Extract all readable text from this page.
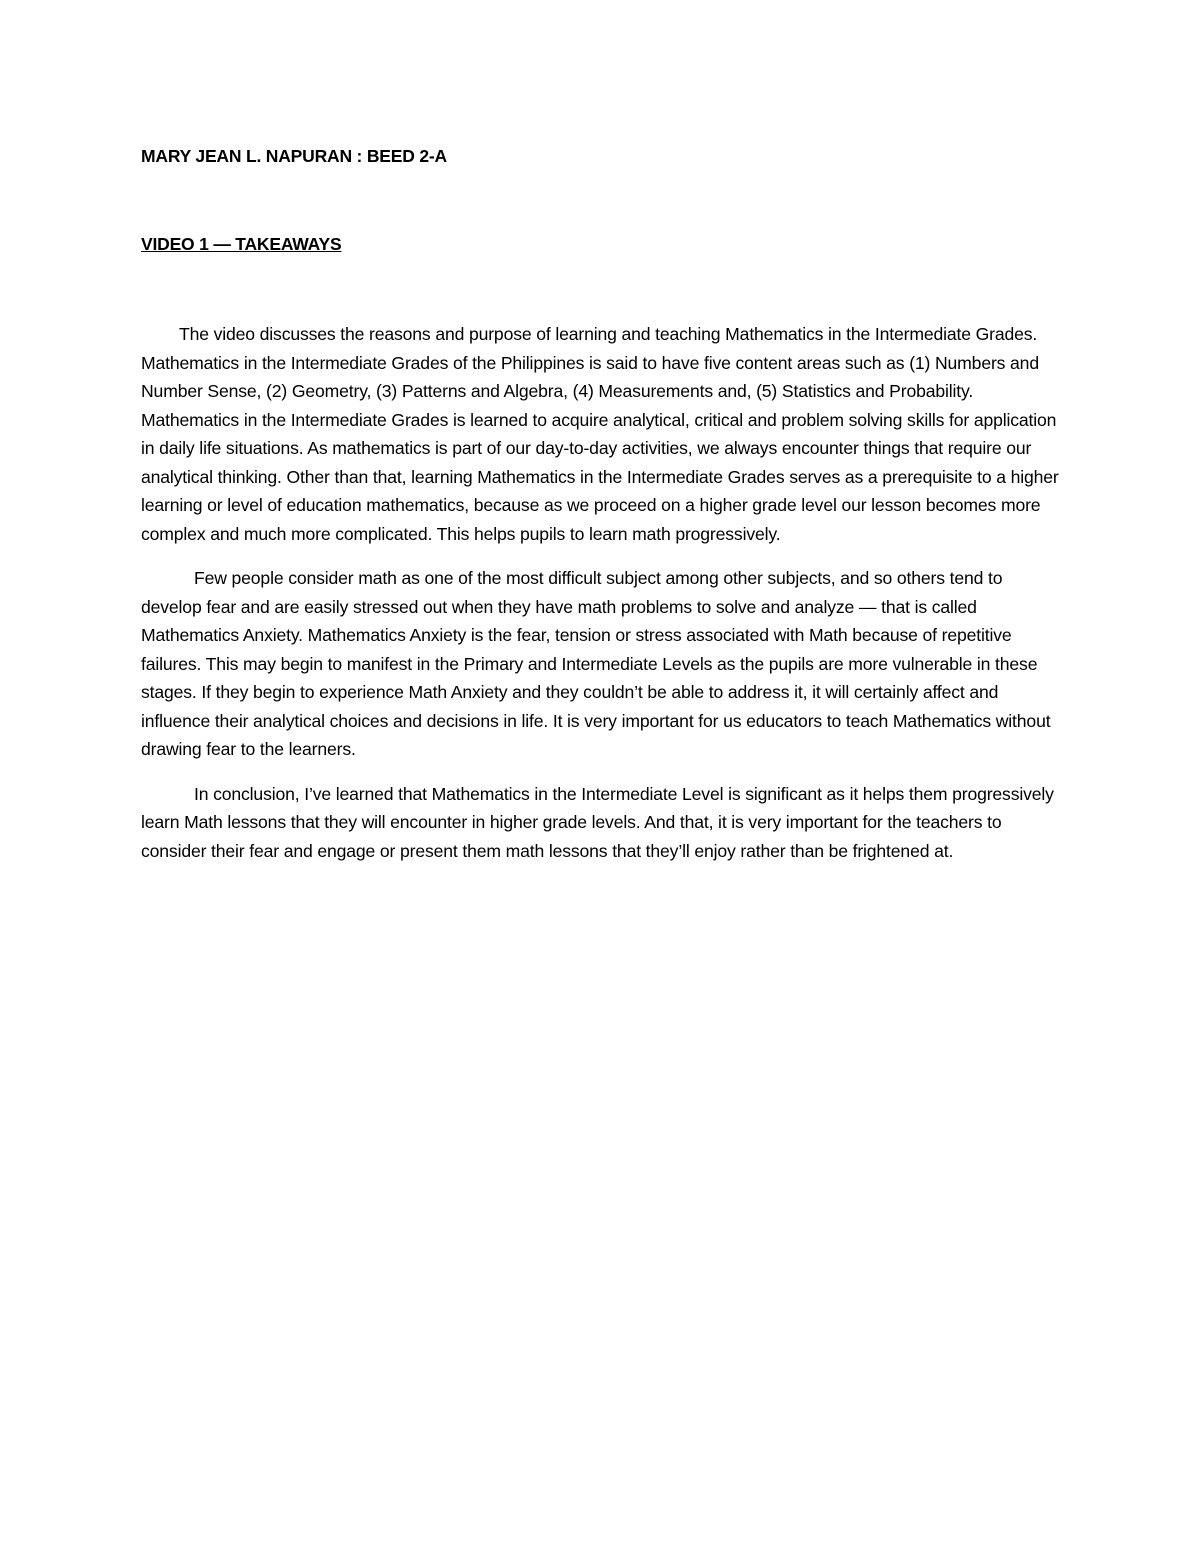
MARY JEAN L. NAPURAN : BEED 2-A
VIDEO 1 — TAKEAWAYS

The video discusses the reasons and purpose of learning and teaching Mathematics in the Intermediate Grades. Mathematics in the Intermediate Grades of the Philippines is said to have five content areas such as (1) Numbers and Number Sense, (2) Geometry, (3) Patterns and Algebra, (4) Measurements and, (5) Statistics and Probability. Mathematics in the Intermediate Grades is learned to acquire analytical, critical and problem solving skills for application in daily life situations. As mathematics is part of our day-to-day activities, we always encounter things that require our analytical thinking. Other than that, learning Mathematics in the Intermediate Grades serves as a prerequisite to a higher learning or level of education mathematics, because as we proceed on a higher grade level our lesson becomes more complex and much more complicated. This helps pupils to learn math progressively.

Few people consider math as one of the most difficult subject among other subjects, and so others tend to develop fear and are easily stressed out when they have math problems to solve and analyze — that is called Mathematics Anxiety. Mathematics Anxiety is the fear, tension or stress associated with Math because of repetitive failures. This may begin to manifest in the Primary and Intermediate Levels as the pupils are more vulnerable in these stages. If they begin to experience Math Anxiety and they couldn’t be able to address it, it will certainly affect and influence their analytical choices and decisions in life. It is very important for us educators to teach Mathematics without drawing fear to the learners.

In conclusion, I’ve learned that Mathematics in the Intermediate Level is significant as it helps them progressively learn Math lessons that they will encounter in higher grade levels. And that, it is very important for the teachers to consider their fear and engage or present them math lessons that they’ll enjoy rather than be frightened at.
